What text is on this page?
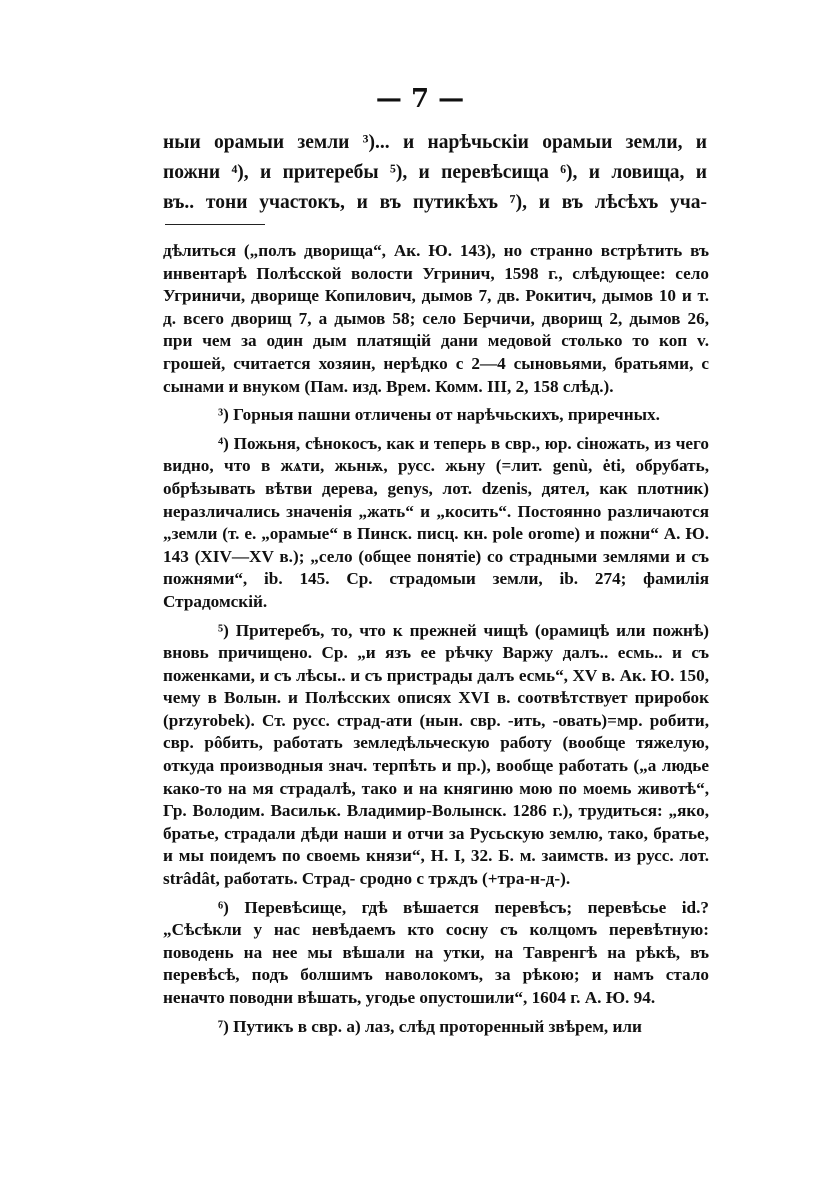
— 7 —
ныи орамыи земли ³)... и нарѣчьскіи орамыи земли, и
пожни ⁴), и притеребы ⁵), и перевѣсища ⁶), и ловища, и
въ.. тони участокъ, и въ путикѣхъ ⁷), и въ лѣсѣхъ уча-

дѣлиться („полъ дворища“, Ак. Ю. 143), но странно встрѣтить въ инвентарѣ Полѣсской волости Угринич, 1598 г., слѣдующее: село Угриничи, дворище Копилович, дымов 7, дв. Рокитич, дымов 10 и т. д. всего дворищ 7, а дымов 58; село Берчичи, дворищ 2, дымов 26, при чем за один дым платящій дани медовой столько то коп v. грошей, считается хозяин, нерѣдко с 2—4 сыновьями, братьями, с сынами и внуком (Пам. изд. Врем. Комм. III, 2, 158 слѣд.).

³) Горныя пашни отличены от нарѣчьскихъ, приречных.

⁴) Пожьня, сѣнокосъ, как и теперь в свр., юр. сіножать, из чего видно, что в жѧти, жьнѭ, русс. жьну (=лит. genù, ėti, обрубать, обрѣзывать вѣтви дерева, genys, лот. dzenis, дятел, как плотник) неразличались значенія „жать“ и „косить“. Постоянно различаются „земли (т. е. „орамые“ в Пинск. писц. кн. pole orome) и пожни“ А. Ю. 143 (XIV—XV в.); „село (общее понятіе) со страдными землями и съ пожнями“, ib. 145. Ср. страдомыи земли, ib. 274; фамилія Страдомскій.

⁵) Притеребъ, то, что к прежней чищѣ (орамицѣ или пожнѣ) вновь причищено. Ср. „и язъ ее рѣчку Варжу далъ.. есмь.. и съ поженками, и съ лѣсы.. и съ пристрады далъ есмь“, XV в. Ак. Ю. 150, чему в Волын. и Полѣсских описях XVI в. соотвѣтствует приробок (przyrobek). Ст. русс. страд-ати (нын. свр. -ить, -овать)=мр. робити, свр. рôбить, работать земледѣльческую работу (вообще тяжелую, откуда производныя знач. терпѣть и пр.), вообще работать („а людье како-то на мя страдалѣ, тако и на княгиню мою по моемь животѣ“, Гр. Володим. Васильк. Владимир-Волынск. 1286 г.), трудиться: „яко, братье, страдали дѣди наши и отчи за Русьскую землю, тако, братье, и мы поидемъ по своемь князи“, Н. I, 32. Б. м. заимств. из русс. лот. strâdât, работать. Страд- сродно с трѫдъ (+тра-н-д-).

⁶) Перевѣсище, гдѣ вѣшается перевѣсъ; перевѣсье id.? „Сѣсѣкли у нас невѣдаемъ кто сосну съ колцомъ перевѣтную: поводень на нее мы вѣшали на утки, на Тавренгѣ на рѣкѣ, въ перевѣсѣ, подъ болшимъ наволокомъ, за рѣкою; и намъ стало неначто поводни вѣшать, угодье опустошили“, 1604 г. А. Ю. 94.

⁷) Путикъ в свр. а) лаз, слѣд проторенный звѣрем, или
